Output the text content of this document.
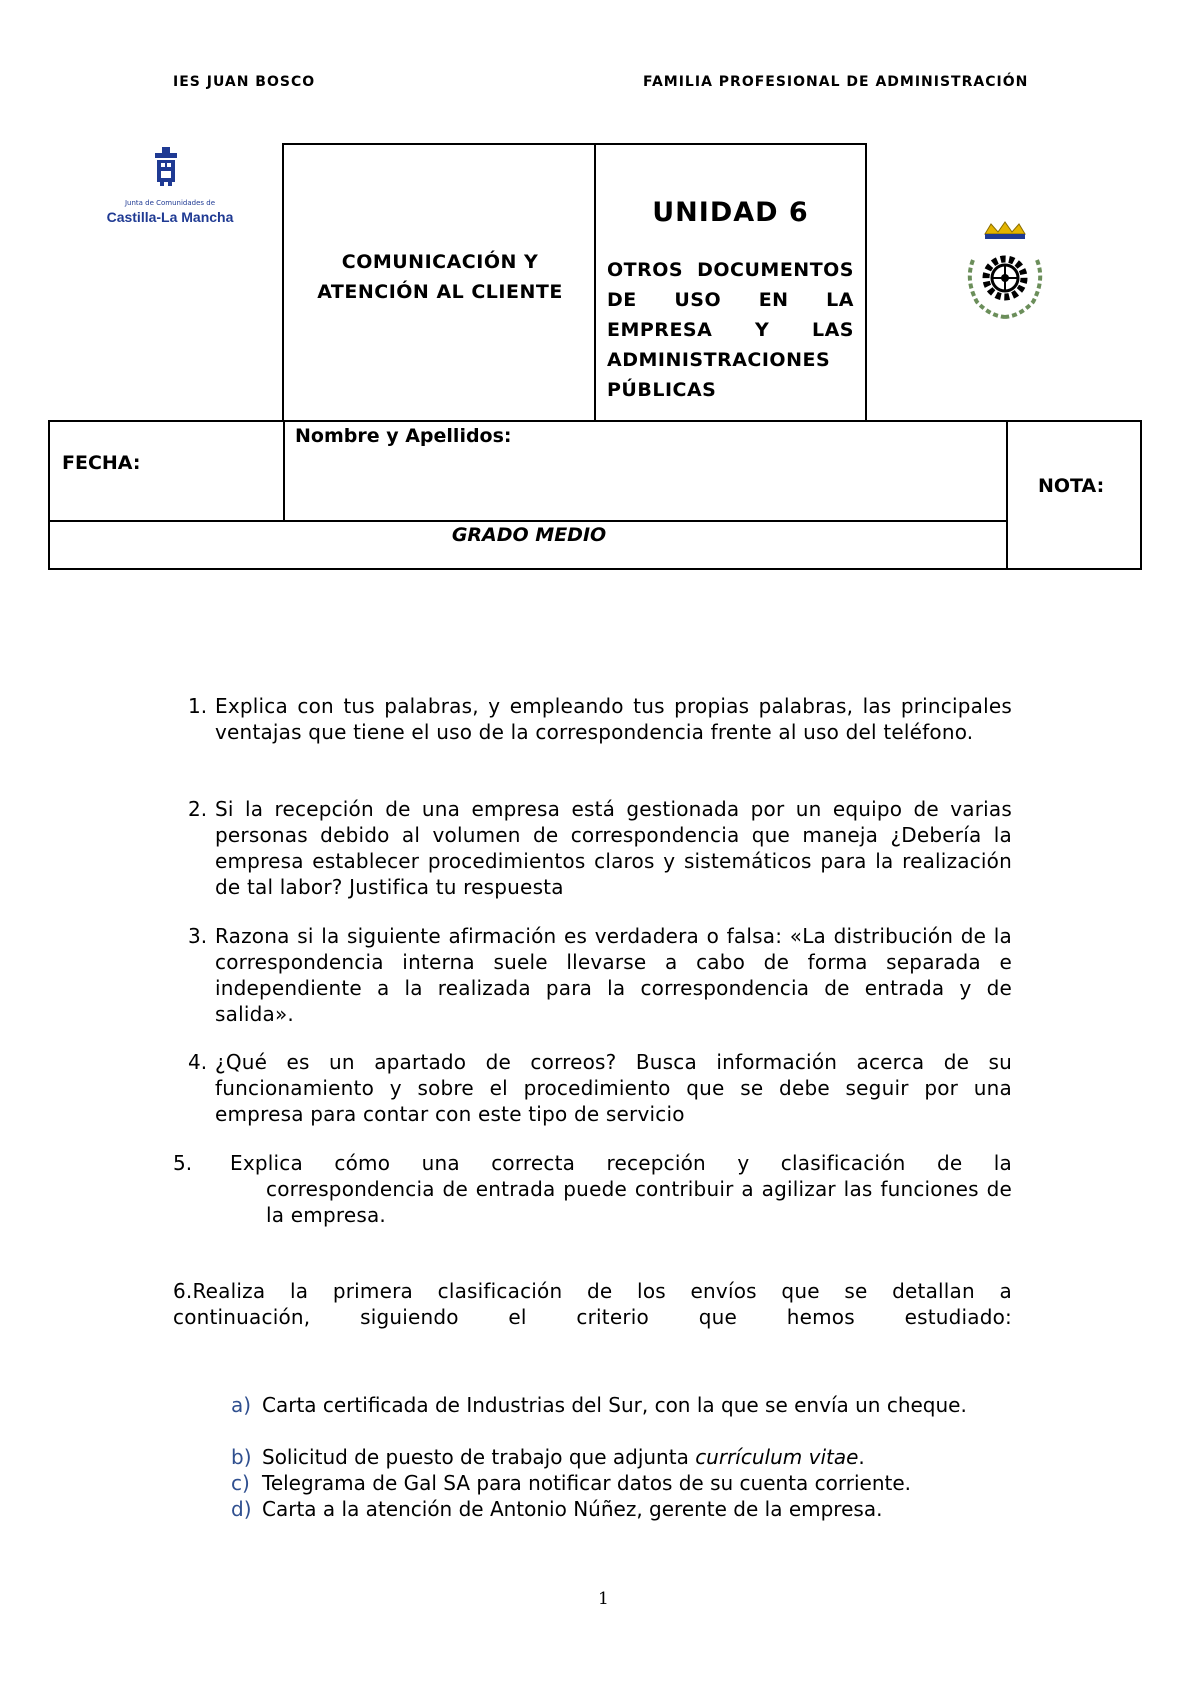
IES JUAN BOSCO	FAMILIA PROFESIONAL DE ADMINISTRACIÓN
Junta de Comunidades de
Castilla-La Mancha
COMUNICACIÓN Y ATENCIÓN AL CLIENTE
UNIDAD 6
OTROS DOCUMENTOS DE USO EN LA EMPRESA Y LAS ADMINISTRACIONES PÚBLICAS
FECHA:
Nombre y Apellidos:
NOTA:
GRADO MEDIO
1. Explica con tus palabras, y empleando tus propias palabras, las principales ventajas que tiene el uso de la correspondencia frente al uso del teléfono.
2. Si la recepción de una empresa está gestionada por un equipo de varias personas debido al volumen de correspondencia que maneja ¿Debería la empresa establecer procedimientos claros y sistemáticos para la realización de tal labor? Justifica tu respuesta
3. Razona si la siguiente afirmación es verdadera o falsa: «La distribución de la correspondencia interna suele llevarse a cabo de forma separada e independiente a la realizada para la correspondencia de entrada y de salida».
4. ¿Qué es un apartado de correos? Busca información acerca de su funcionamiento y sobre el procedimiento que se debe seguir por una empresa para contar con este tipo de servicio
5. Explica cómo una correcta recepción y clasificación de la
correspondencia de entrada puede contribuir a agilizar las funciones de la empresa.
6.Realiza la primera clasificación de los envíos que se detallan a
continuación, siguiendo el criterio que hemos estudiado:
a) Carta certificada de Industrias del Sur, con la que se envía un cheque.
b) Solicitud de puesto de trabajo que adjunta currículum vitae.
c) Telegrama de Gal SA para notificar datos de su cuenta corriente.
d) Carta a la atención de Antonio Núñez, gerente de la empresa.
1
